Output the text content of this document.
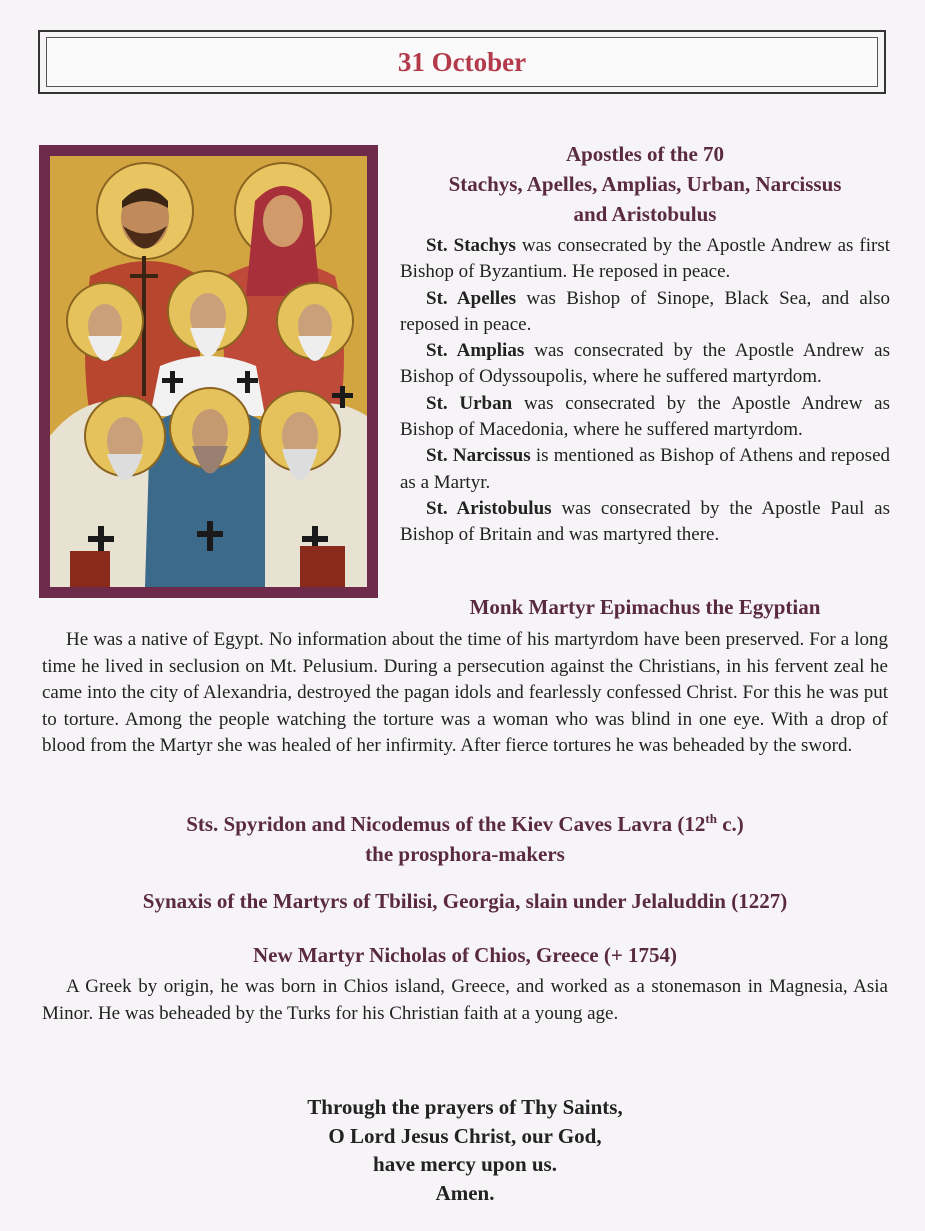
31 October
Apostles of the 70
Stachys, Apelles, Amplias, Urban, Narcissus
and Aristobulus

St. Stachys was consecrated by the Apostle Andrew as first Bishop of Byzantium. He reposed in peace.

St. Apelles was Bishop of Sinope, Black Sea, and also reposed in peace.

St. Amplias was consecrated by the Apostle Andrew as Bishop of Odyssoupolis, where he suffered martyrdom.

St. Urban was consecrated by the Apostle Andrew as Bishop of Macedonia, where he suffered martyrdom.

St. Narcissus is mentioned as Bishop of Athens and reposed as a Martyr.

St. Aristobulus was consecrated by the Apostle Paul as Bishop of Britain and was martyred there.

Monk Martyr Epimachus the Egyptian

He was a native of Egypt. No information about the time of his martyrdom have been preserved. For a long time he lived in seclusion on Mt. Pelusium. During a persecution against the Christians, in his fervent zeal he came into the city of Alexandria, destroyed the pagan idols and fearlessly confessed Christ. For this he was put to torture. Among the people watching the torture was a woman who was blind in one eye. With a drop of blood from the Martyr she was healed of her infirmity. After fierce tortures he was beheaded by the sword.

Sts. Spyridon and Nicodemus of the Kiev Caves Lavra (12th c.)
the prosphora-makers
Synaxis of the Martyrs of Tbilisi, Georgia, slain under Jelaluddin (1227)
New Martyr Nicholas of Chios, Greece (+ 1754)

A Greek by origin, he was born in Chios island, Greece, and worked as a stonemason in Magnesia, Asia Minor. He was beheaded by the Turks for his Christian faith at a young age.

Through the prayers of Thy Saints,
O Lord Jesus Christ, our God,
have mercy upon us.
Amen.
